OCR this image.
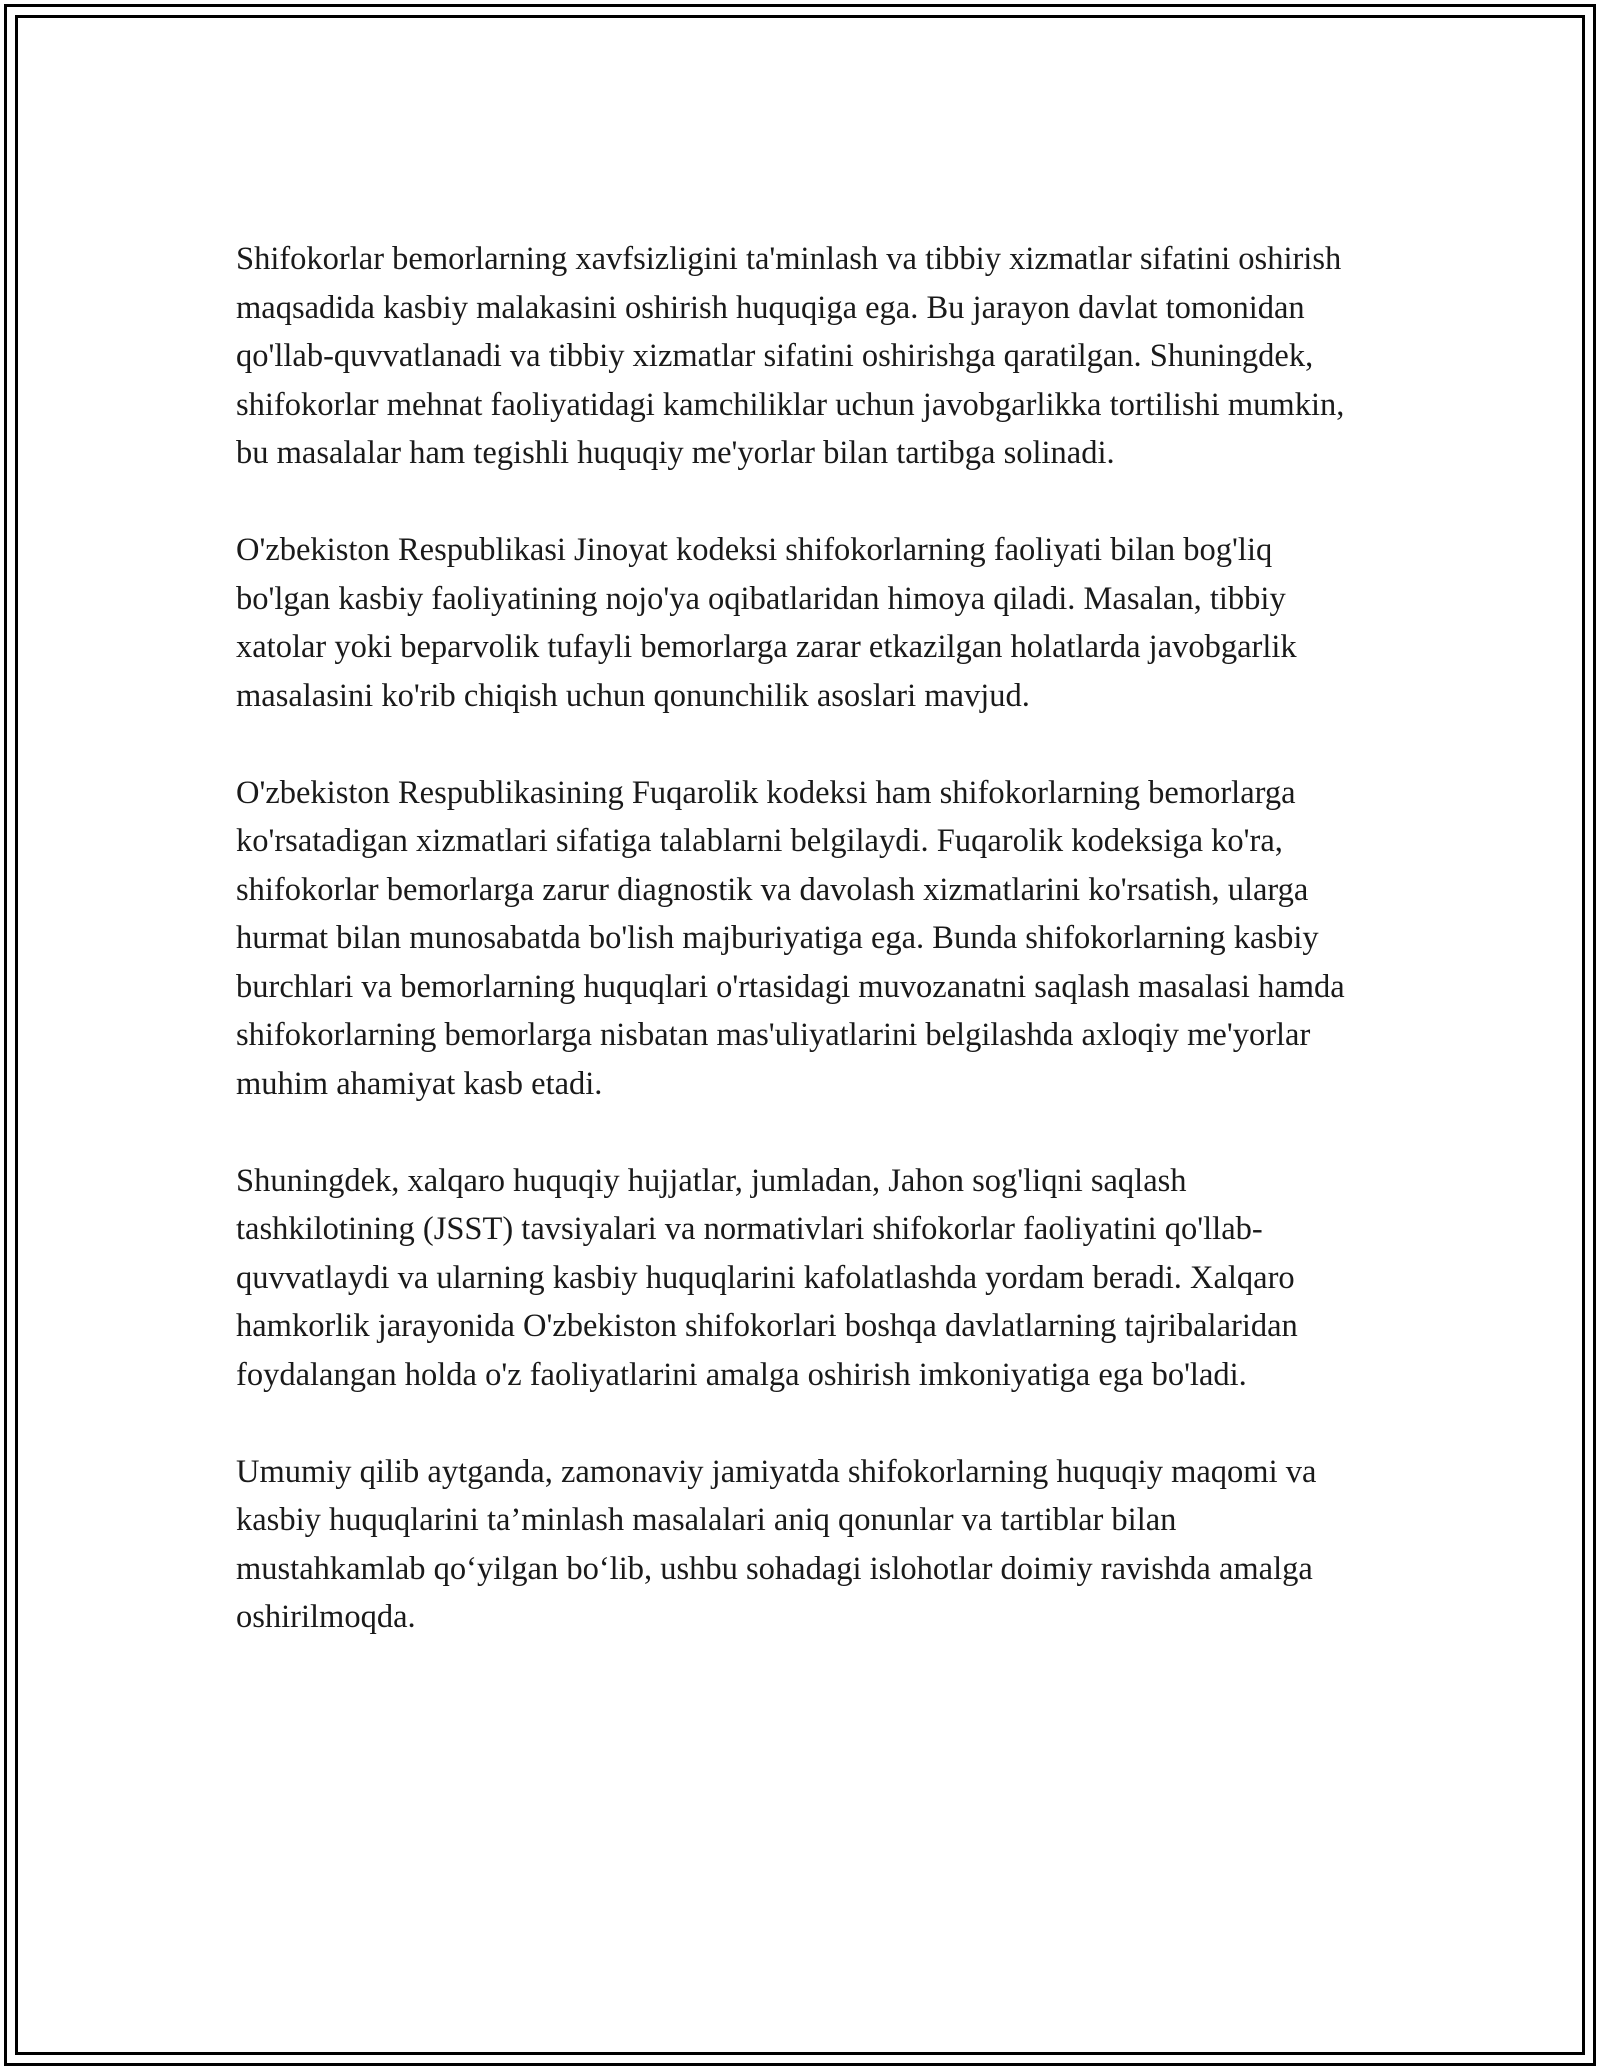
Shifokorlar bemorlarning xavfsizligini ta'minlash va tibbiy xizmatlar sifatini oshirish maqsadida kasbiy malakasini oshirish huquqiga ega. Bu jarayon davlat tomonidan qo'llab-quvvatlanadi va tibbiy xizmatlar sifatini oshirishga qaratilgan. Shuningdek, shifokorlar mehnat faoliyatidagi kamchiliklar uchun javobgarlikka tortilishi mumkin, bu masalalar ham tegishli huquqiy me'yorlar bilan tartibga solinadi.

O'zbekiston Respublikasi Jinoyat kodeksi shifokorlarning faoliyati bilan bog'liq bo'lgan kasbiy faoliyatining nojo'ya oqibatlaridan himoya qiladi. Masalan, tibbiy xatolar yoki beparvolik tufayli bemorlarga zarar etkazilgan holatlarda javobgarlik masalasini ko'rib chiqish uchun qonunchilik asoslari mavjud.

O'zbekiston Respublikasining Fuqarolik kodeksi ham shifokorlarning bemorlarga ko'rsatadigan xizmatlari sifatiga talablarni belgilaydi. Fuqarolik kodeksiga ko'ra, shifokorlar bemorlarga zarur diagnostik va davolash xizmatlarini ko'rsatish, ularga hurmat bilan munosabatda bo'lish majburiyatiga ega. Bunda shifokorlarning kasbiy burchlari va bemorlarning huquqlari o'rtasidagi muvozanatni saqlash masalasi hamda shifokorlarning bemorlarga nisbatan mas'uliyatlarini belgilashda axloqiy me'yorlar muhim ahamiyat kasb etadi.

Shuningdek, xalqaro huquqiy hujjatlar, jumladan, Jahon sog'liqni saqlash tashkilotining (JSST) tavsiyalari va normativlari shifokorlar faoliyatini qo'llab-quvvatlaydi va ularning kasbiy huquqlarini kafolatlashda yordam beradi. Xalqaro hamkorlik jarayonida O'zbekiston shifokorlari boshqa davlatlarning tajribalaridan foydalangan holda o'z faoliyatlarini amalga oshirish imkoniyatiga ega bo'ladi.

Umumiy qilib aytganda, zamonaviy jamiyatda shifokorlarning huquqiy maqomi va kasbiy huquqlarini ta’minlash masalalari aniq qonunlar va tartiblar bilan mustahkamlab qo‘yilgan bo‘lib, ushbu sohadagi islohotlar doimiy ravishda amalga oshirilmoqda.
